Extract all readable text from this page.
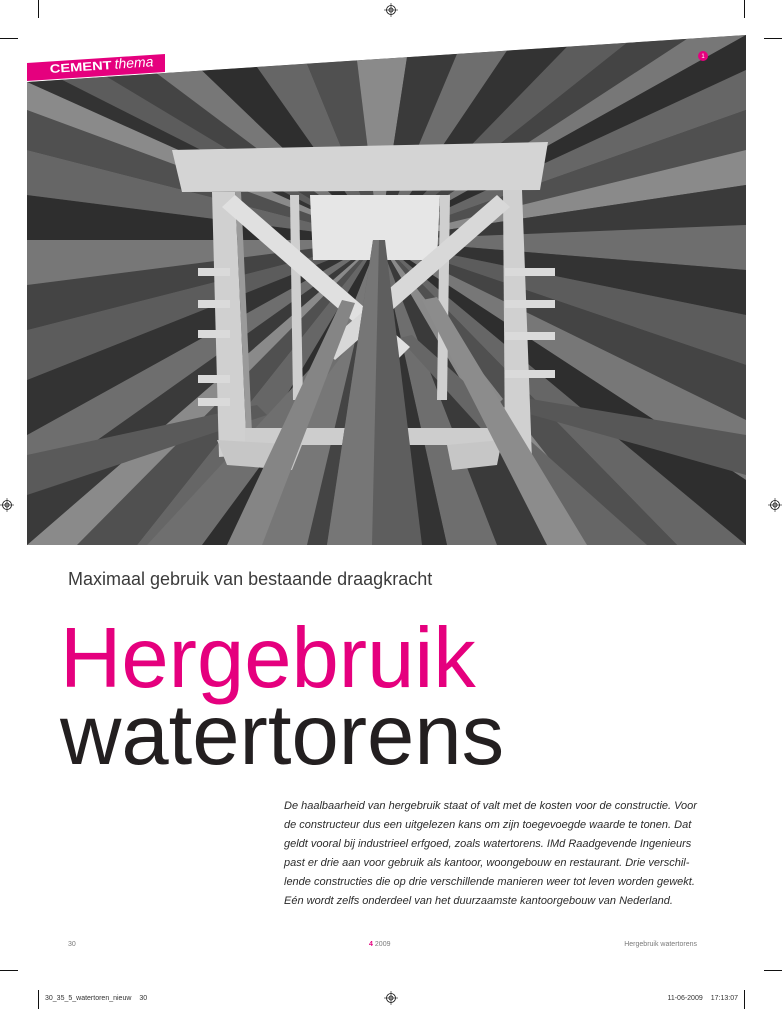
CEMENT thema	1
Maximaal gebruik van bestaande draagkracht
Hergebruik
watertorens
De haalbaarheid van hergebruik staat of valt met de kosten voor de constructie. Voor
de constructeur dus een uitgelezen kans om zijn toegevoegde waarde te tonen. Dat
geldt vooral bij industrieel erfgoed, zoals watertorens. IMd Raadgevende Ingenieurs
past er drie aan voor gebruik als kantoor, woongebouw en restaurant. Drie verschil-
lende constructies die op drie verschillende manieren weer tot leven worden gewekt.
Eén wordt zelfs onderdeel van het duurzaamste kantoorgebouw van Nederland.
30	4 2009	Hergebruik watertorens
30_35_5_watertoren_nieuw 30	11-06-2009 17:13:07
